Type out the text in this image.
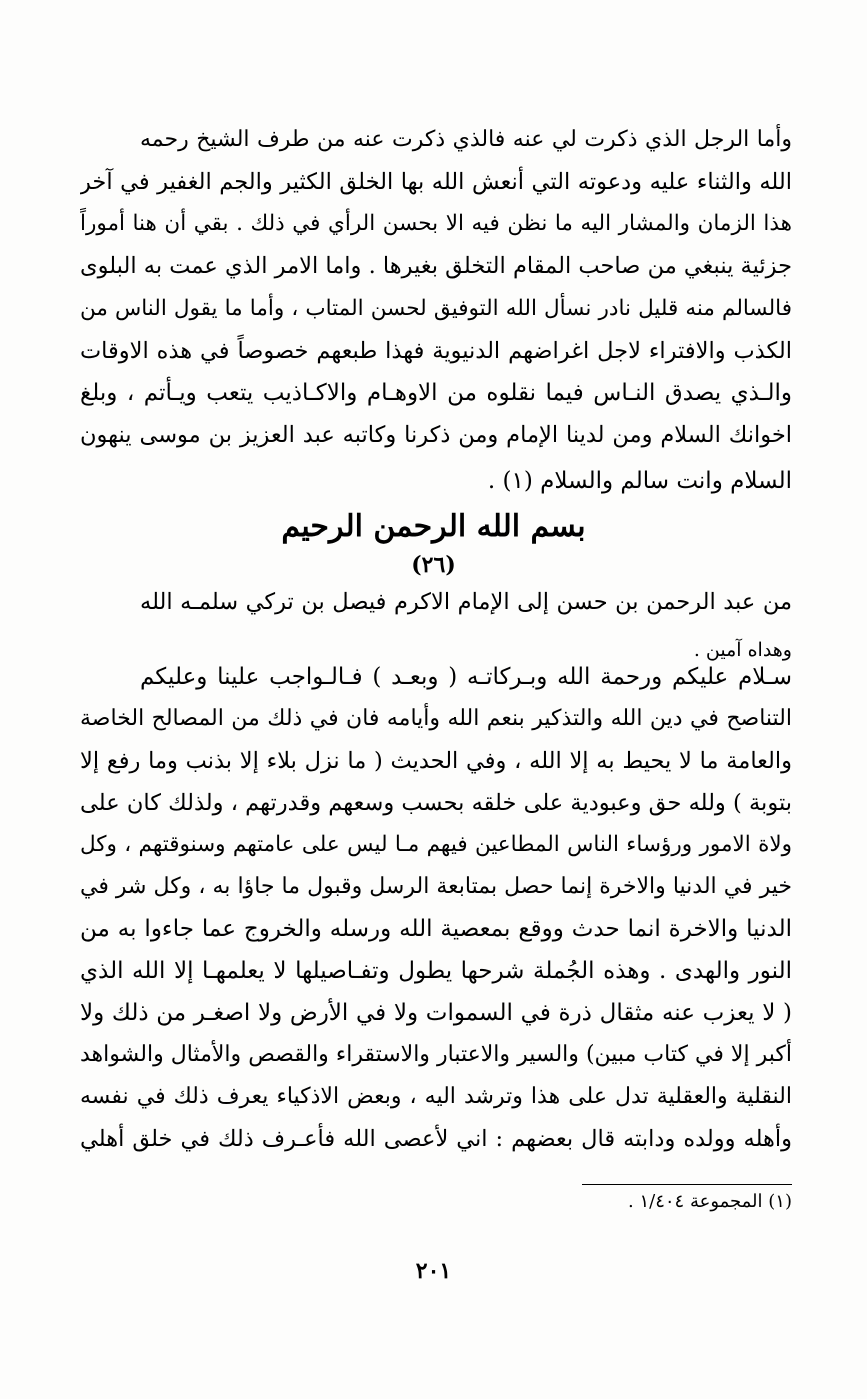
وأما الرجل الذي ذكرت لي عنه فالذي ذكرت عنه من طرف الشيخ رحمه
الله والثناء عليه ودعوته التي أنعش الله بها الخلق الكثير والجم الغفير في آخر
هذا الزمان والمشار اليه ما نظن فيه الا بحسن الرأي في ذلك . بقي أن هنا أموراً
جزئية ينبغي من صاحب المقام التخلق بغيرها . واما الامر الذي عمت به البلوى
فالسالم منه قليل نادر نسأل الله التوفيق لحسن المتاب ، وأما ما يقول الناس من
الكذب والافتراء لاجل اغراضهم الدنيوية فهذا طبعهم خصوصاً في هذه الاوقات
والـذي يصدق النـاس فيما نقلوه من الاوهـام والاكـاذيب يتعب ويـأتم ، وبلغ
اخوانك السلام ومن لدينا الإمام ومن ذكرنا وكاتبه عبد العزيز بن موسى ينهون
السلام وانت سالم والسلام (١) .
بسم الله الرحمن الرحيم
(٢٦)
من عبد الرحمن بن حسن إلى الإمام الاكرم فيصل بن تركي سلمـه الله
وهداه آمين .
سـلام عليكم ورحمة الله وبـركاتـه ( وبعـد ) فـالـواجب علينا وعليكم
التناصح في دين الله والتذكير بنعم الله وأيامه فان في ذلك من المصالح الخاصة
والعامة ما لا يحيط به إلا الله ، وفي الحديث ( ما نزل بلاء إلا بذنب وما رفع إلا
بتوبة ) ولله حق وعبودية على خلقه بحسب وسعهم وقدرتهم ، ولذلك كان على
ولاة الامور ورؤساء الناس المطاعين فيهم مـا ليس على عامتهم وسنوقتهم ، وكل
خير في الدنيا والاخرة إنما حصل بمتابعة الرسل وقبول ما جاؤا به ، وكل شر في
الدنيا والاخرة انما حدث ووقع بمعصية الله ورسله والخروج عما جاءوا به من
النور والهدى . وهذه الجُملة شرحها يطول وتفـاصيلها لا يعلمهـا إلا الله الذي
( لا يعزب عنه مثقال ذرة في السموات ولا في الأرض ولا اصغـر من ذلك ولا
أكبر إلا في كتاب مبين) والسير والاعتبار والاستقراء والقصص والأمثال والشواهد
النقلية والعقلية تدل على هذا وترشد اليه ، وبعض الاذكياء يعرف ذلك في نفسه
وأهله وولده ودابته قال بعضهم : اني لأعصى الله فأعـرف ذلك في خلق أهلي
(١) المجموعة ١/٤٠٤ .
٢٠١
